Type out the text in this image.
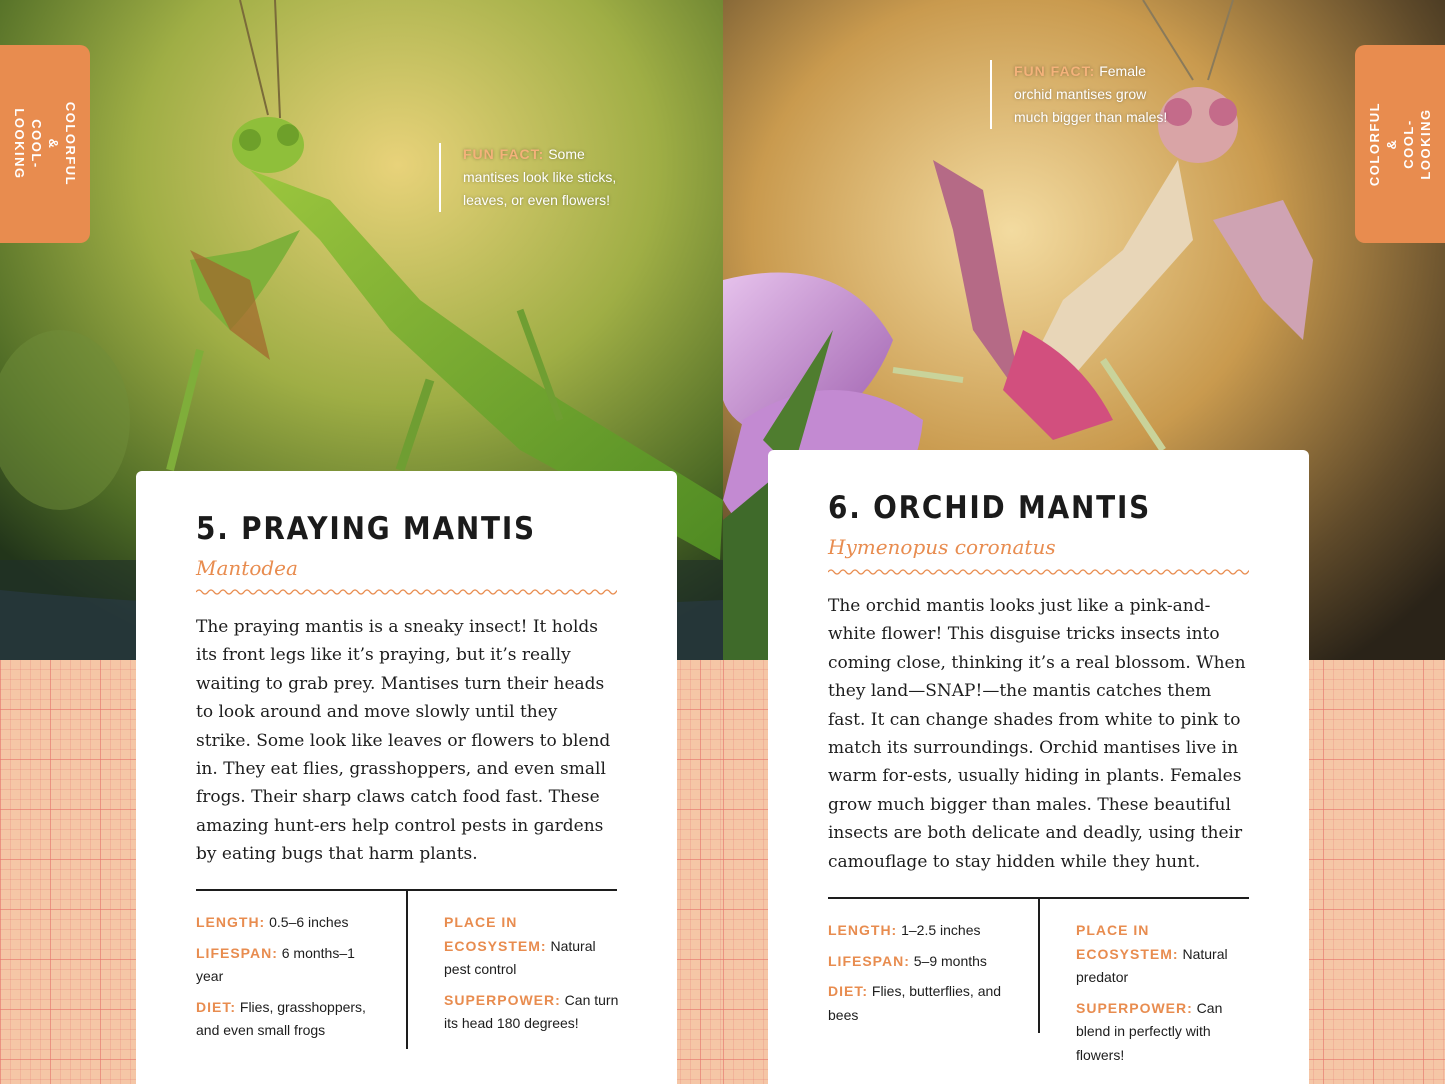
COLORFUL &
COOL-LOOKING	FUN FACT: Some mantises look like sticks, leaves, or even flowers!
5. PRAYING MANTIS
Mantodea
The praying mantis is a sneaky insect! It holds its front legs like it’s praying, but it’s really waiting to grab prey. Mantises turn their heads to look around and move slowly until they strike. Some look like leaves or flowers to blend in. They eat flies, grasshoppers, and even small frogs. Their sharp claws catch food fast. These amazing hunt-ers help control pests in gardens by eating bugs that harm plants.
LENGTH: 0.5–6 inches
LIFESPAN: 6 months–1 year
DIET: Flies, grasshoppers, and even small frogs
PLACE IN ECOSYSTEM: Natural pest control
SUPERPOWER: Can turn its head 180 degrees!
COLORFUL &
COOL-LOOKING
FUN FACT: Female orchid mantises grow much bigger than males!
6. ORCHID MANTIS
Hymenopus coronatus
The orchid mantis looks just like a pink-and-white flower! This disguise tricks insects into coming close, thinking it’s a real blossom. When they land—SNAP!—the mantis catches them fast. It can change shades from white to pink to match its surroundings. Orchid mantises live in warm for-ests, usually hiding in plants. Females grow much bigger than males. These beautiful insects are both delicate and deadly, using their camouflage to stay hidden while they hunt.
LENGTH: 1–2.5 inches
LIFESPAN: 5–9 months
DIET: Flies, butterflies, and bees
PLACE IN ECOSYSTEM: Natural predator
SUPERPOWER: Can blend in perfectly with flowers!
